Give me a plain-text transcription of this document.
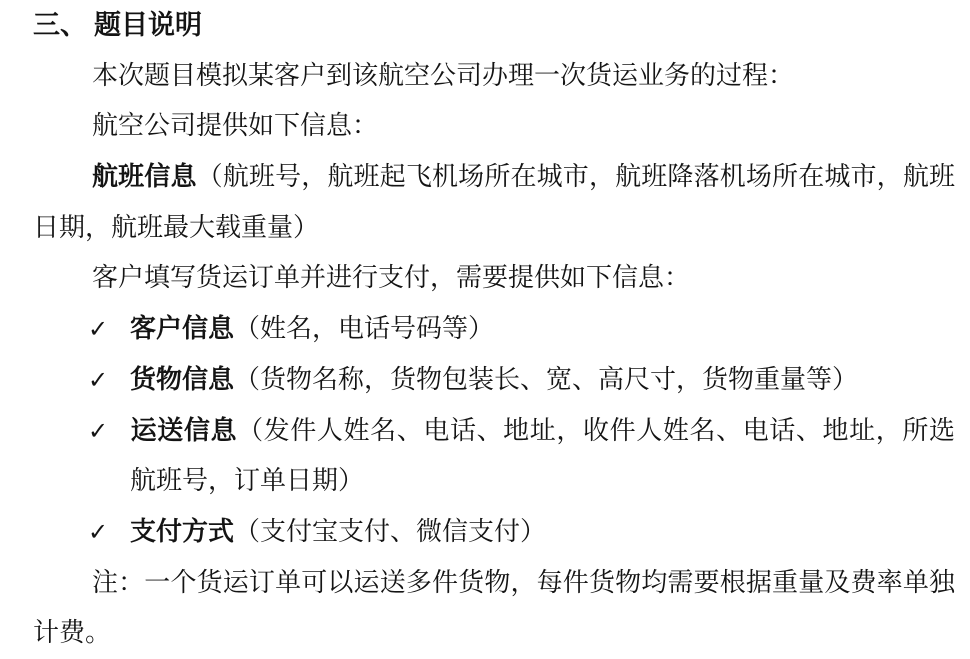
三、 题目说明

本次题目模拟某客户到该航空公司办理一次货运业务的过程：

航空公司提供如下信息：

航班信息（航班号，航班起飞机场所在城市，航班降落机场所在城市，航班

日期，航班最大载重量）

客户填写货运订单并进行支付，需要提供如下信息：

✓ 客户信息（姓名，电话号码等）

✓ 货物信息（货物名称，货物包装长、宽、高尺寸，货物重量等）

✓ 运送信息（发件人姓名、电话、地址，收件人姓名、电话、地址，所选

航班号，订单日期）

✓ 支付方式（支付宝支付、微信支付）

注：一个货运订单可以运送多件货物，每件货物均需要根据重量及费率单独

计费。
